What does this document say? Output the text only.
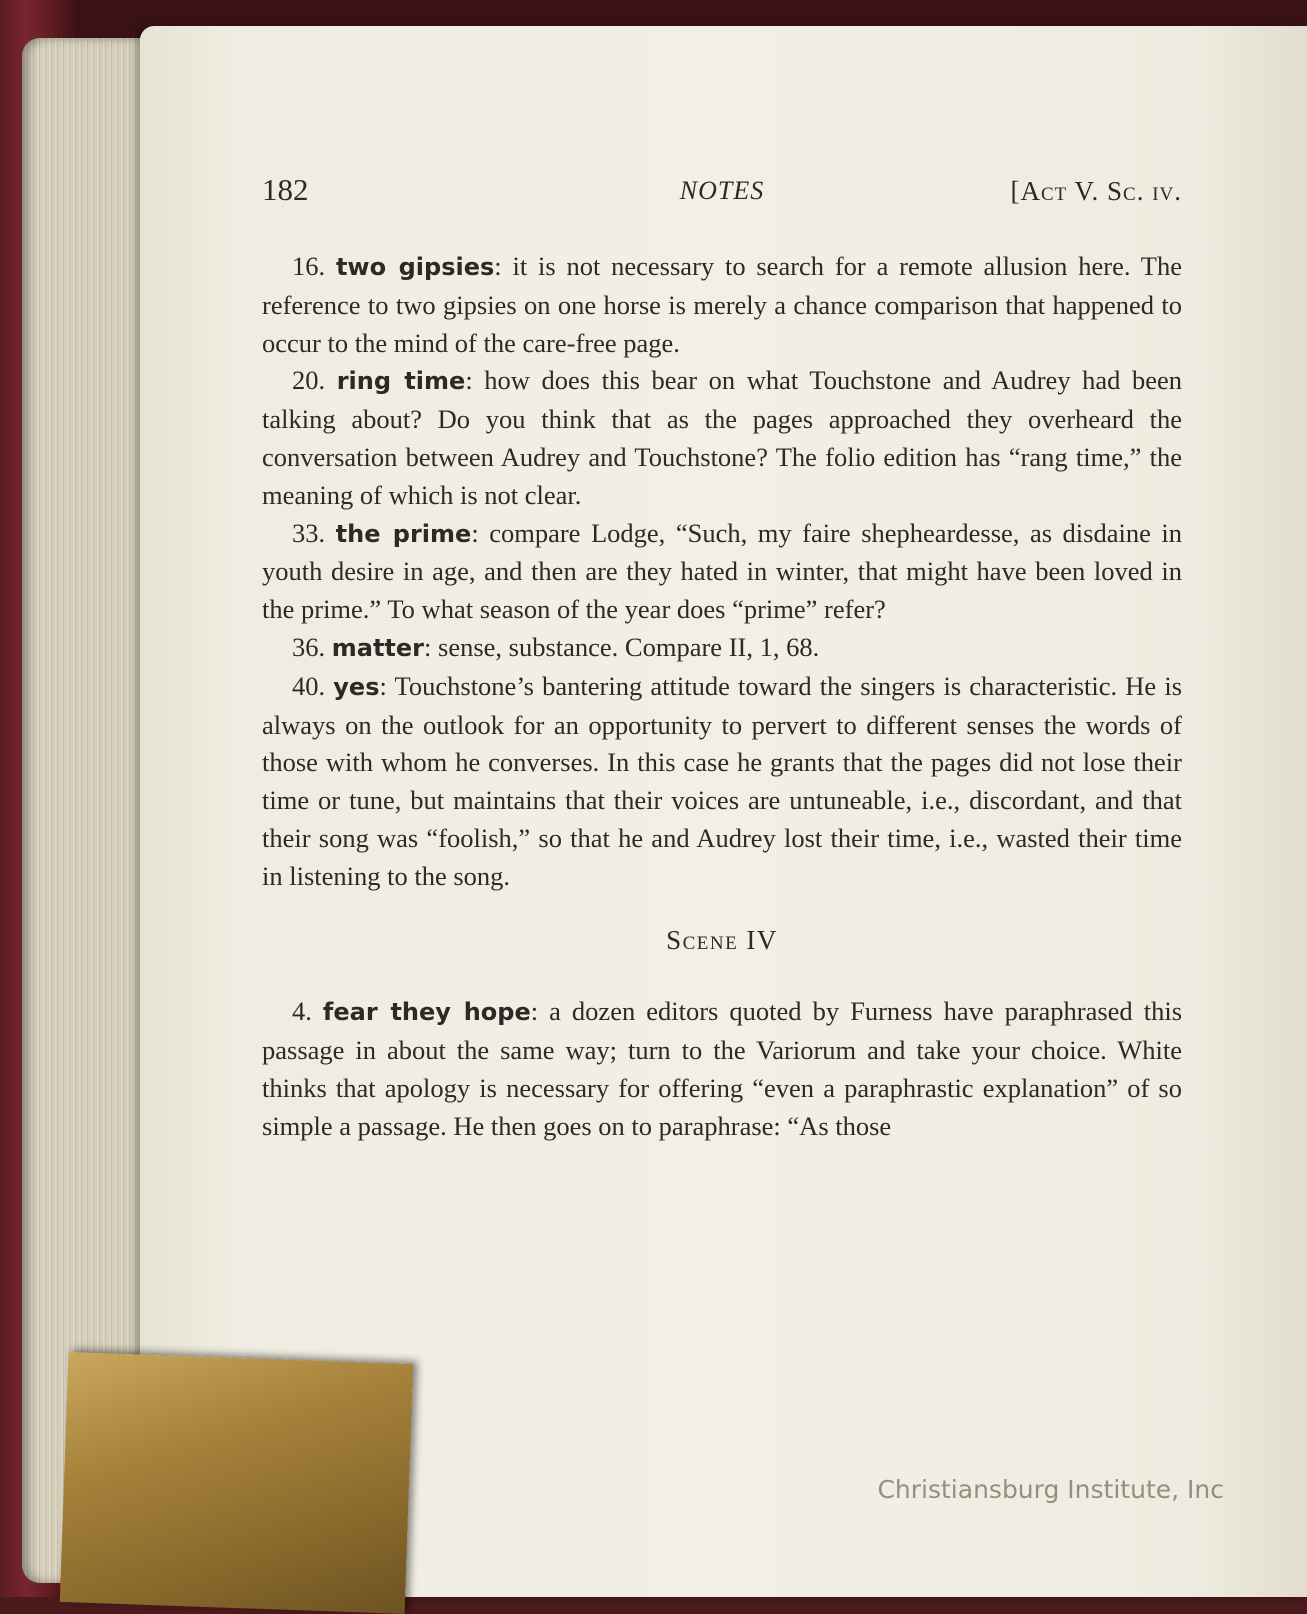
182	NOTES	[Act V. Sc. iv.

16. two gipsies: it is not necessary to search for a remote allusion here. The reference to two gipsies on one horse is merely a chance comparison that happened to occur to the mind of the care-free page.

20. ring time: how does this bear on what Touchstone and Audrey had been talking about? Do you think that as the pages approached they overheard the conversation between Audrey and Touchstone? The folio edition has “rang time,” the meaning of which is not clear.

33. the prime: compare Lodge, “Such, my faire shepheardesse, as disdaine in youth desire in age, and then are they hated in winter, that might have been loved in the prime.” To what season of the year does “prime” refer?

36. matter: sense, substance. Compare II, 1, 68.

40. yes: Touchstone’s bantering attitude toward the singers is characteristic. He is always on the outlook for an opportunity to pervert to different senses the words of those with whom he converses. In this case he grants that the pages did not lose their time or tune, but maintains that their voices are untuneable, i.e., discordant, and that their song was “foolish,” so that he and Audrey lost their time, i.e., wasted their time in listening to the song.

Scene IV

4. fear they hope: a dozen editors quoted by Furness have paraphrased this passage in about the same way; turn to the Variorum and take your choice. White thinks that apology is necessary for offering “even a paraphrastic explanation” of so simple a passage. He then goes on to paraphrase: “As those

Christiansburg Institute, Inc
